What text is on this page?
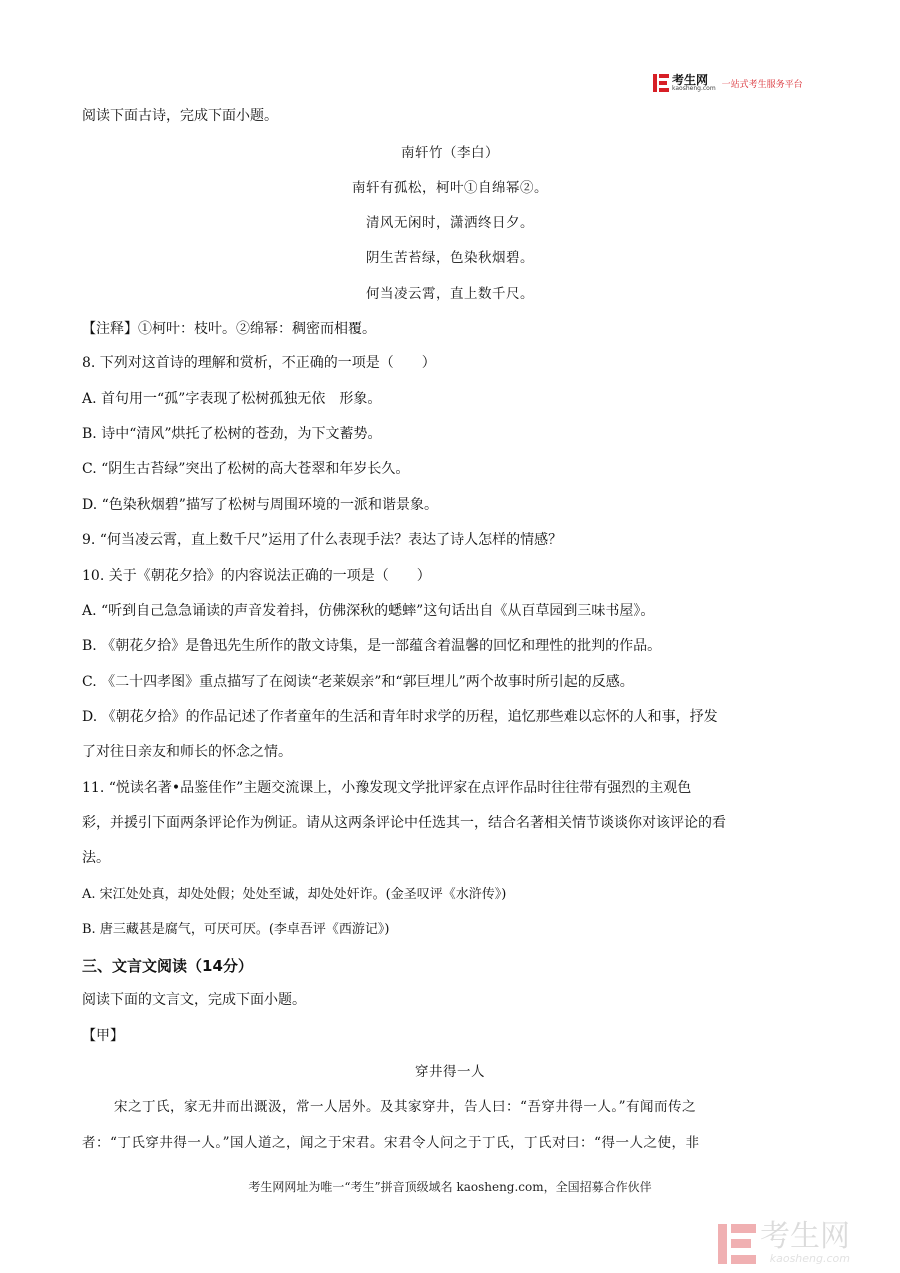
考生网
kaosheng.com 一站式考生服务平台
阅读下面古诗，完成下面小题。
南轩竹（李白）
南轩有孤松，柯叶①自绵幂②。
清风无闲时，潇洒终日夕。
阴生苦苔绿，色染秋烟碧。
何当凌云霄，直上数千尺。
【注释】①柯叶：枝叶。②绵幂：稠密而相覆。
8. 下列对这首诗的理解和赏析，不正确的一项是（　　）
A. 首句用一“孤”字表现了松树孤独无依　形象。
B. 诗中“清风”烘托了松树的苍劲，为下文蓄势。
C. “阴生古苔绿”突出了松树的高大苍翠和年岁长久。
D. “色染秋烟碧”描写了松树与周围环境的一派和谐景象。
9. “何当凌云霄，直上数千尺”运用了什么表现手法？表达了诗人怎样的情感？
10. 关于《朝花夕拾》的内容说法正确的一项是（　　）
A. “听到自己急急诵读的声音发着抖，仿佛深秋的蟋蟀”这句话出自《从百草园到三味书屋》。
B. 《朝花夕拾》是鲁迅先生所作的散文诗集，是一部蕴含着温馨的回忆和理性的批判的作品。
C. 《二十四孝图》重点描写了在阅读“老莱娱亲”和“郭巨埋儿”两个故事时所引起的反感。
D. 《朝花夕拾》的作品记述了作者童年的生活和青年时求学的历程，追忆那些难以忘怀的人和事，抒发
了对往日亲友和师长的怀念之情。
11. “悦读名著•品鉴佳作”主题交流课上，小豫发现文学批评家在点评作品时往往带有强烈的主观色
彩，并援引下面两条评论作为例证。请从这两条评论中任选其一，结合名著相关情节谈谈你对该评论的看
法。
A. 宋江处处真，却处处假；处处至诚，却处处奸诈。(金圣叹评《水浒传》)
B. 唐三藏甚是腐气，可厌可厌。(李卓吾评《西游记》)
三、文言文阅读（14分）
阅读下面的文言文，完成下面小题。
【甲】
穿井得一人
宋之丁氏，家无井而出溉汲，常一人居外。及其家穿井，告人曰：“吾穿井得一人。”有闻而传之
者：“丁氏穿井得一人。”国人道之，闻之于宋君。宋君令人问之于丁氏，丁氏对曰：“得一人之使，非
考生网网址为唯一“考生”拼音顶级域名 kaosheng.com，全国招募合作伙伴
考生网
kaosheng.com
